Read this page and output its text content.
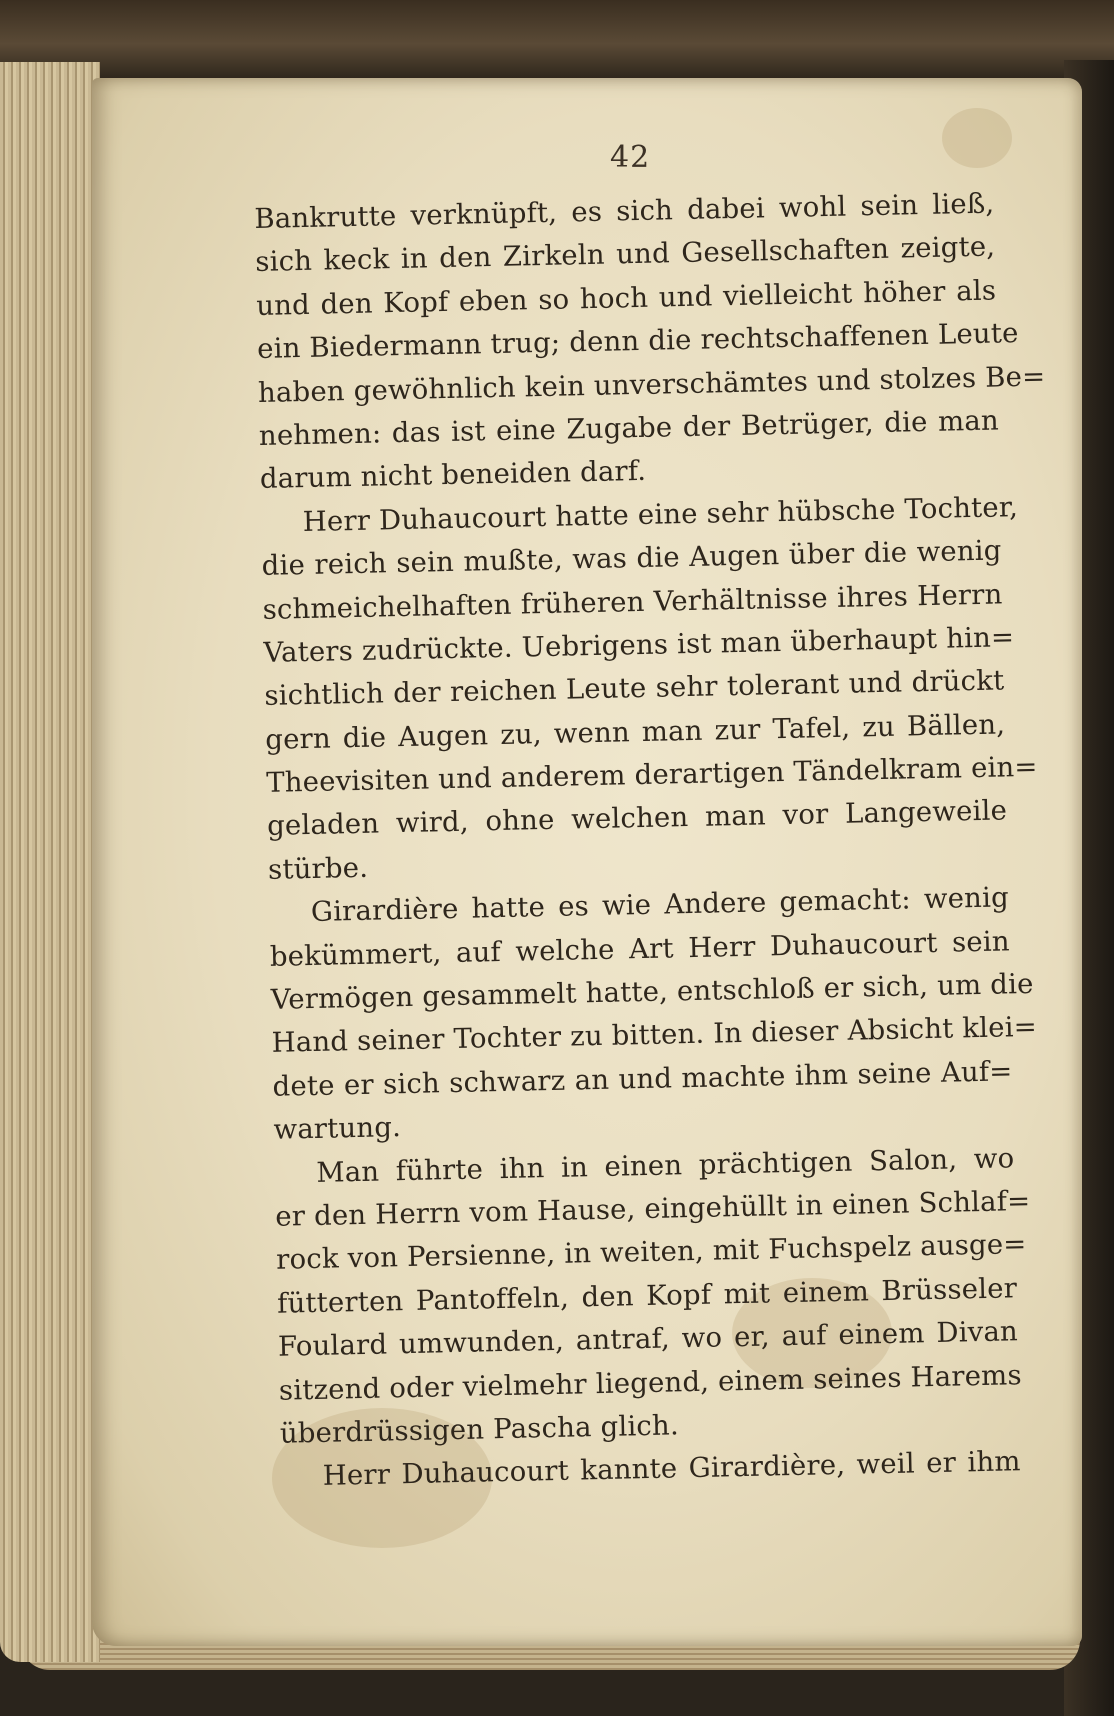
42
Bankrutte verknüpft, es sich dabei wohl sein ließ,
sich keck in den Zirkeln und Gesellschaften zeigte,
und den Kopf eben so hoch und vielleicht höher als
ein Biedermann trug; denn die rechtschaffenen Leute
haben gewöhnlich kein unverschämtes und stolzes Be=
nehmen: das ist eine Zugabe der Betrüger, die man
darum nicht beneiden darf.
Herr Duhaucourt hatte eine sehr hübsche Tochter,
die reich sein mußte, was die Augen über die wenig
schmeichelhaften früheren Verhältnisse ihres Herrn
Vaters zudrückte. Uebrigens ist man überhaupt hin=
sichtlich der reichen Leute sehr tolerant und drückt
gern die Augen zu, wenn man zur Tafel, zu Bällen,
Theevisiten und anderem derartigen Tändelkram ein=
geladen wird, ohne welchen man vor Langeweile
stürbe.
Girardière hatte es wie Andere gemacht: wenig
bekümmert, auf welche Art Herr Duhaucourt sein
Vermögen gesammelt hatte, entschloß er sich, um die
Hand seiner Tochter zu bitten. In dieser Absicht klei=
dete er sich schwarz an und machte ihm seine Auf=
wartung.
Man führte ihn in einen prächtigen Salon, wo
er den Herrn vom Hause, eingehüllt in einen Schlaf=
rock von Persienne, in weiten, mit Fuchspelz ausge=
fütterten Pantoffeln, den Kopf mit einem Brüsseler
Foulard umwunden, antraf, wo er, auf einem Divan
sitzend oder vielmehr liegend, einem seines Harems
überdrüssigen Pascha glich.
Herr Duhaucourt kannte Girardière, weil er ihm
